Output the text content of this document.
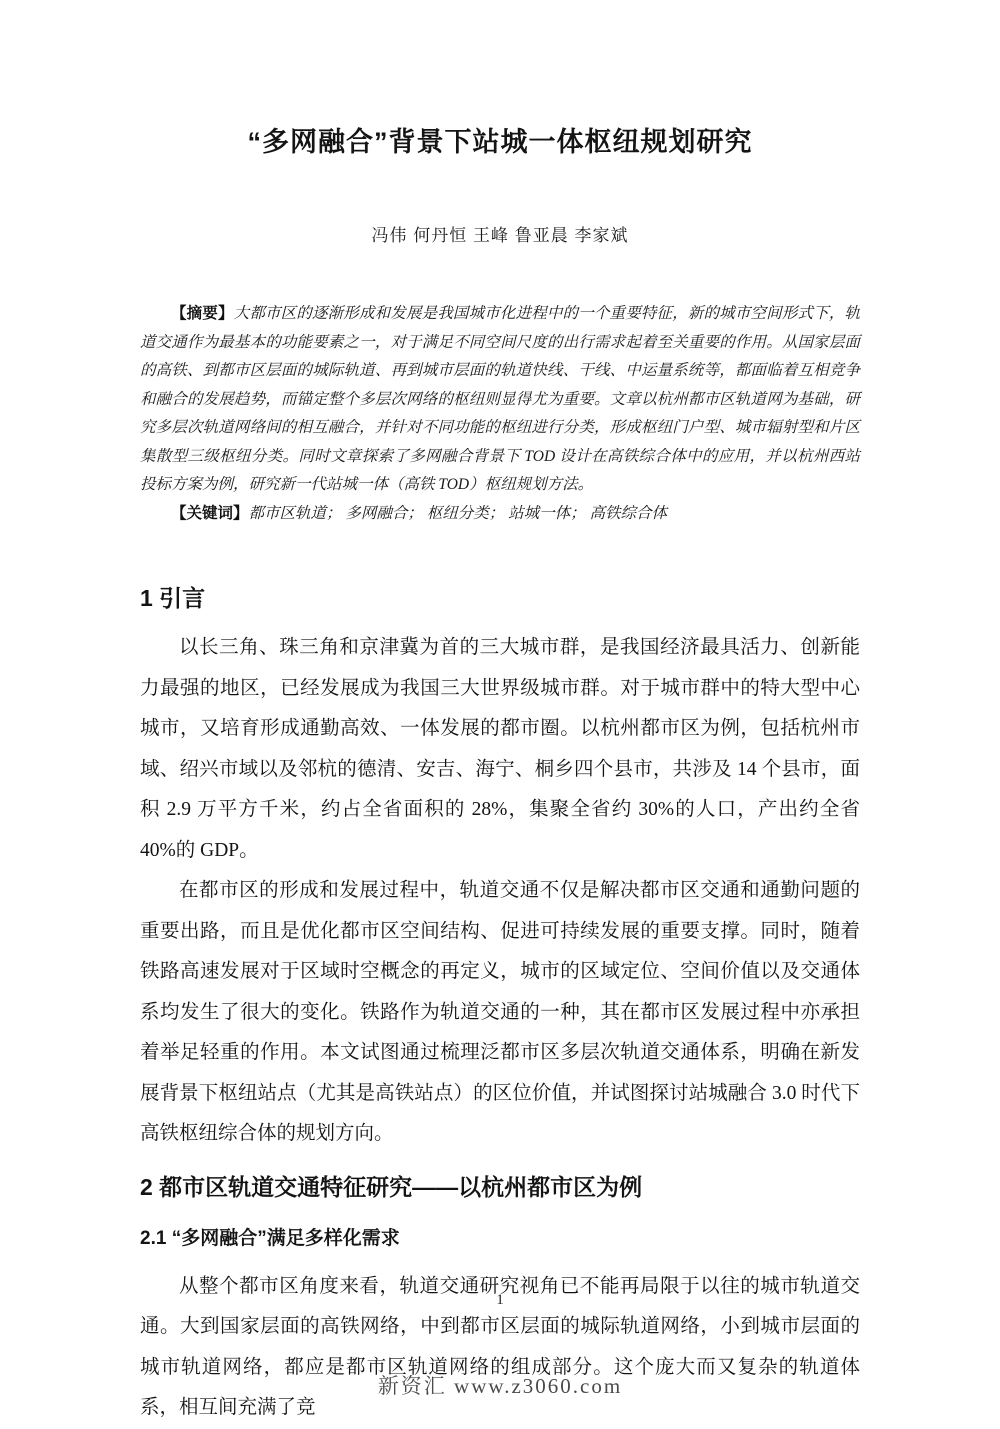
“多网融合”背景下站城一体枢纽规划研究
冯伟 何丹恒 王峰 鲁亚晨 李家斌

【摘要】大都市区的逐渐形成和发展是我国城市化进程中的一个重要特征，新的城市空间形式下，轨道交通作为最基本的功能要素之一，对于满足不同空间尺度的出行需求起着至关重要的作用。从国家层面的高铁、到都市区层面的城际轨道、再到城市层面的轨道快线、干线、中运量系统等，都面临着互相竞争和融合的发展趋势，而锚定整个多层次网络的枢纽则显得尤为重要。文章以杭州都市区轨道网为基础，研究多层次轨道网络间的相互融合，并针对不同功能的枢纽进行分类，形成枢纽门户型、城市辐射型和片区集散型三级枢纽分类。同时文章探索了多网融合背景下 TOD 设计在高铁综合体中的应用，并以杭州西站投标方案为例，研究新一代站城一体（高铁 TOD）枢纽规划方法。

【关键词】都市区轨道； 多网融合； 枢纽分类； 站城一体； 高铁综合体

1 引言

以长三角、珠三角和京津冀为首的三大城市群，是我国经济最具活力、创新能力最强的地区，已经发展成为我国三大世界级城市群。对于城市群中的特大型中心城市，又培育形成通勤高效、一体发展的都市圈。以杭州都市区为例，包括杭州市域、绍兴市域以及邻杭的德清、安吉、海宁、桐乡四个县市，共涉及 14 个县市，面积 2.9 万平方千米，约占全省面积的 28%，集聚全省约 30%的人口，产出约全省 40%的 GDP。

在都市区的形成和发展过程中，轨道交通不仅是解决都市区交通和通勤问题的重要出路，而且是优化都市区空间结构、促进可持续发展的重要支撑。同时，随着铁路高速发展对于区域时空概念的再定义，城市的区域定位、空间价值以及交通体系均发生了很大的变化。铁路作为轨道交通的一种，其在都市区发展过程中亦承担着举足轻重的作用。本文试图通过梳理泛都市区多层次轨道交通体系，明确在新发展背景下枢纽站点（尤其是高铁站点）的区位价值，并试图探讨站城融合 3.0 时代下高铁枢纽综合体的规划方向。

2 都市区轨道交通特征研究——以杭州都市区为例
2.1 “多网融合”满足多样化需求

从整个都市区角度来看，轨道交通研究视角已不能再局限于以往的城市轨道交通。大到国家层面的高铁网络，中到都市区层面的城际轨道网络，小到城市层面的城市轨道网络，都应是都市区轨道网络的组成部分。这个庞大而又复杂的轨道体系，相互间充满了竞

1
新资汇 www.z3060.com
